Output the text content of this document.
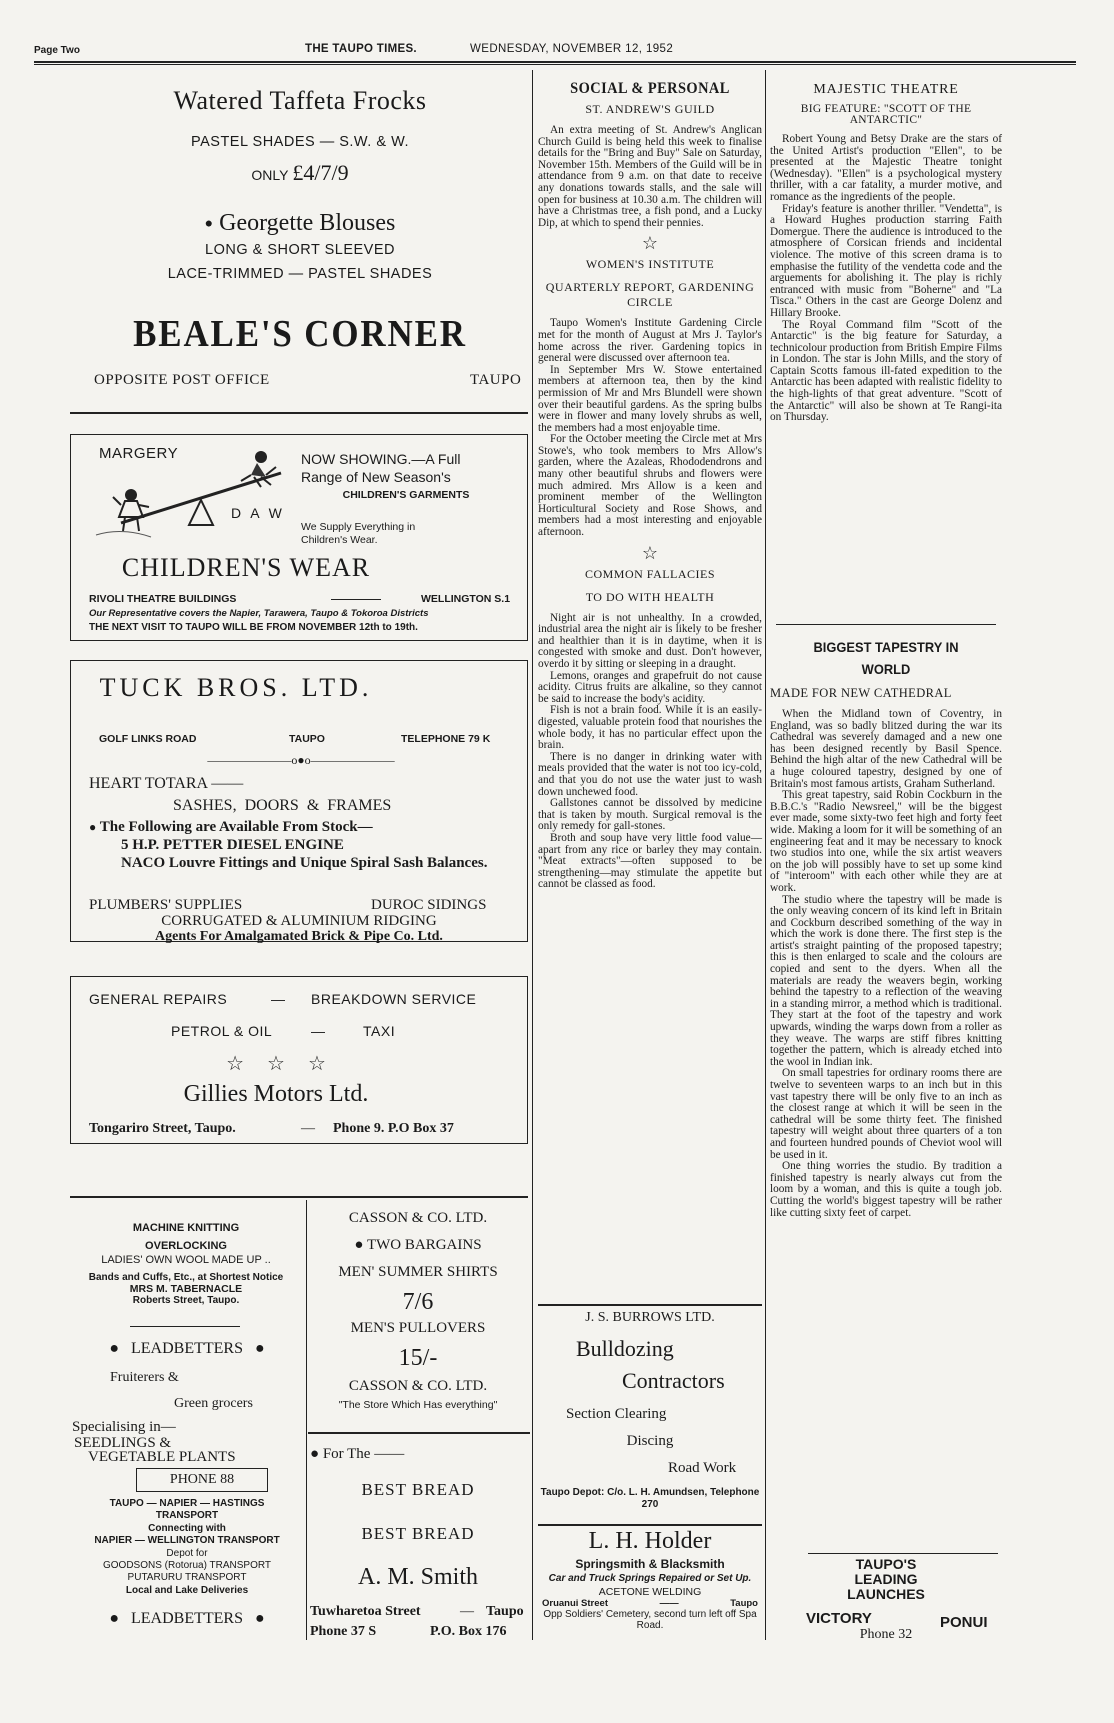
Page Two	THE TAUPO TIMES.	WEDNESDAY, NOVEMBER 12, 1952
Watered Taffeta Frocks
PASTEL SHADES — S.W. & W.
ONLY £4/7/9
● Georgette Blouses
LONG & SHORT SLEEVED
LACE-TRIMMED — PASTEL SHADES
BEALE'S CORNER
OPPOSITE POST OFFICE	TAUPO
MARGERY
D A W
NOW SHOWING.—A Full
Range of New Season's
CHILDREN'S GARMENTS
We Supply Everything in Children's Wear.
CHILDREN'S WEAR
RIVOLI THEATRE BUILDINGS	WELLINGTON S.1
Our Representative covers the Napier, Tarawera, Taupo & Tokoroa Districts
THE NEXT VISIT TO TAUPO WILL BE FROM NOVEMBER 12th to 19th.
TUCK BROS. LTD.
GOLF LINKS ROAD	TAUPO	TELEPHONE 79 K
———————o●o———————
HEART TOTARA ——
SASHES, DOORS & FRAMES
● The Following are Available From Stock—
5 H.P. PETTER DIESEL ENGINE
NACO Louvre Fittings and Unique Spiral Sash Balances.
PLUMBERS' SUPPLIES	DUROC SIDINGS
CORRUGATED & ALUMINIUM RIDGING
Agents For Amalgamated Brick & Pipe Co. Ltd.
GENERAL REPAIRS	— BREAKDOWN SERVICE
PETROL & OIL	—	TAXI
☆ ☆ ☆
Gillies Motors Ltd.
Tongariro Street, Taupo.	— Phone 9. P.O Box 37
MACHINE KNITTING
OVERLOCKING
LADIES' OWN WOOL MADE UP ..
Bands and Cuffs, Etc., at Shortest Notice
MRS M. TABERNACLE
Roberts Street, Taupo.
● LEADBETTERS ●
Fruiterers &
Green grocers
Specialising in—
SEEDLINGS &
VEGETABLE PLANTS
PHONE 88
TAUPO — NAPIER — HASTINGS
TRANSPORT
Connecting with
NAPIER — WELLINGTON TRANSPORT
Depot for
GOODSONS (Rotorua) TRANSPORT
PUTARURU TRANSPORT
Local and Lake Deliveries
● LEADBETTERS ●
CASSON & CO. LTD.
● TWO BARGAINS
MEN' SUMMER SHIRTS
7/6
MEN'S PULLOVERS
15/-
CASSON & CO. LTD.
"The Store Which Has everything"
● For The ——
BEST BREAD
BEST BREAD
A. M. Smith
Tuwharetoa Street	— Taupo
Phone 37 S	P.O. Box 176
SOCIAL & PERSONAL
ST. ANDREW'S GUILD

An extra meeting of St. Andrew's Anglican Church Guild is being held this week to finalise details for the "Bring and Buy" Sale on Saturday, November 15th. Members of the Guild will be in attendance from 9 a.m. on that date to receive any donations towards stalls, and the sale will open for business at 10.30 a.m. The children will have a Christmas tree, a fish pond, and a Lucky Dip, at which to spend their pennies.

☆
WOMEN'S INSTITUTE
QUARTERLY REPORT, GARDENING CIRCLE

Taupo Women's Institute Gardening Circle met for the month of August at Mrs J. Taylor's home across the river. Gardening topics in general were discussed over afternoon tea.

In September Mrs W. Stowe entertained members at afternoon tea, then by the kind permission of Mr and Mrs Blundell were shown over their beautiful gardens. As the spring bulbs were in flower and many lovely shrubs as well, the members had a most enjoyable time.

For the October meeting the Circle met at Mrs Stowe's, who took members to Mrs Allow's garden, where the Azaleas, Rhododendrons and many other beautiful shrubs and flowers were much admired. Mrs Allow is a keen and prominent member of the Wellington Horticultural Society and Rose Shows, and members had a most interesting and enjoyable afternoon.

☆
COMMON FALLACIES
TO DO WITH HEALTH

Night air is not unhealthy. In a crowded, industrial area the night air is likely to be fresher and healthier than it is in daytime, when it is congested with smoke and dust. Don't however, overdo it by sitting or sleeping in a draught.

Lemons, oranges and grapefruit do not cause acidity. Citrus fruits are alkaline, so they cannot be said to increase the body's acidity.

Fish is not a brain food. While it is an easily-digested, valuable protein food that nourishes the whole body, it has no particular effect upon the brain.

There is no danger in drinking water with meals provided that the water is not too icy-cold, and that you do not use the water just to wash down unchewed food.

Gallstones cannot be dissolved by medicine that is taken by mouth. Surgical removal is the only remedy for gall-stones.

Broth and soup have very little food value—apart from any rice or barley they may contain. "Meat extracts"—often supposed to be strengthening—may stimulate the appetite but cannot be classed as food.

J. S. BURROWS LTD.
Bulldozing
Contractors
Section Clearing
Discing
Road Work
Taupo Depot: C/o. L. H. Amundsen, Telephone 270
L. H. Holder
Springsmith & Blacksmith
Car and Truck Springs Repaired or Set Up.
ACETONE WELDING
Oruanui Street	——	Taupo
Opp Soldiers' Cemetery, second turn left off Spa Road.
MAJESTIC THEATRE
BIG FEATURE: "SCOTT OF THE ANTARCTIC"

Robert Young and Betsy Drake are the stars of the United Artist's production "Ellen", to be presented at the Majestic Theatre tonight (Wednesday). "Ellen" is a psychological mystery thriller, with a car fatality, a murder motive, and romance as the ingredients of the people.

Friday's feature is another thriller. "Vendetta", is a Howard Hughes production starring Faith Domergue. There the audience is introduced to the atmosphere of Corsican friends and incidental violence. The motive of this screen drama is to emphasise the futility of the vendetta code and the arguements for abolishing it. The play is richly entranced with music from "Boherne" and "La Tisca." Others in the cast are George Dolenz and Hillary Brooke.

The Royal Command film "Scott of the Antarctic" is the big feature for Saturday, a technicolour production from British Empire Films in London. The star is John Mills, and the story of Captain Scotts famous ill-fated expedition to the Antarctic has been adapted with realistic fidelity to the high-lights of that great adventure. "Scott of the Antarctic" will also be shown at Te Rangi-ita on Thursday.

BIGGEST TAPESTRY IN WORLD
MADE FOR NEW CATHEDRAL

When the Midland town of Coventry, in England, was so badly blitzed during the war its Cathedral was severely damaged and a new one has been designed recently by Basil Spence. Behind the high altar of the new Cathedral will be a huge coloured tapestry, designed by one of Britain's most famous artists, Graham Sutherland.

This great tapestry, said Robin Cockburn in the B.B.C.'s "Radio Newsreel," will be the biggest ever made, some sixty-two feet high and forty feet wide. Making a loom for it will be something of an engineering feat and it may be necessary to knock two studios into one, while the six artist weavers on the job will possibly have to set up some kind of "interoom" with each other while they are at work.

The studio where the tapestry will be made is the only weaving concern of its kind left in Britain and Cockburn described something of the way in which the work is done there. The first step is the artist's straight painting of the proposed tapestry; this is then enlarged to scale and the colours are copied and sent to the dyers. When all the materials are ready the weavers begin, working behind the tapestry to a reflection of the weaving in a standing mirror, a method which is traditional. They start at the foot of the tapestry and work upwards, winding the warps down from a roller as they weave. The warps are stiff fibres knitting together the pattern, which is already etched into the wool in Indian ink.

On small tapestries for ordinary rooms there are twelve to seventeen warps to an inch but in this vast tapestry there will be only five to an inch as the closest range at which it will be seen in the cathedral will be some thirty feet. The finished tapestry will weight about three quarters of a ton and fourteen hundred pounds of Cheviot wool will be used in it.

One thing worries the studio. By tradition a finished tapestry is nearly always cut from the loom by a woman, and this is quite a tough job. Cutting the world's biggest tapestry will be rather like cutting sixty feet of carpet.

TAUPO'S
LEADING
LAUNCHES
VICTORY	PONUI
Phone 32
